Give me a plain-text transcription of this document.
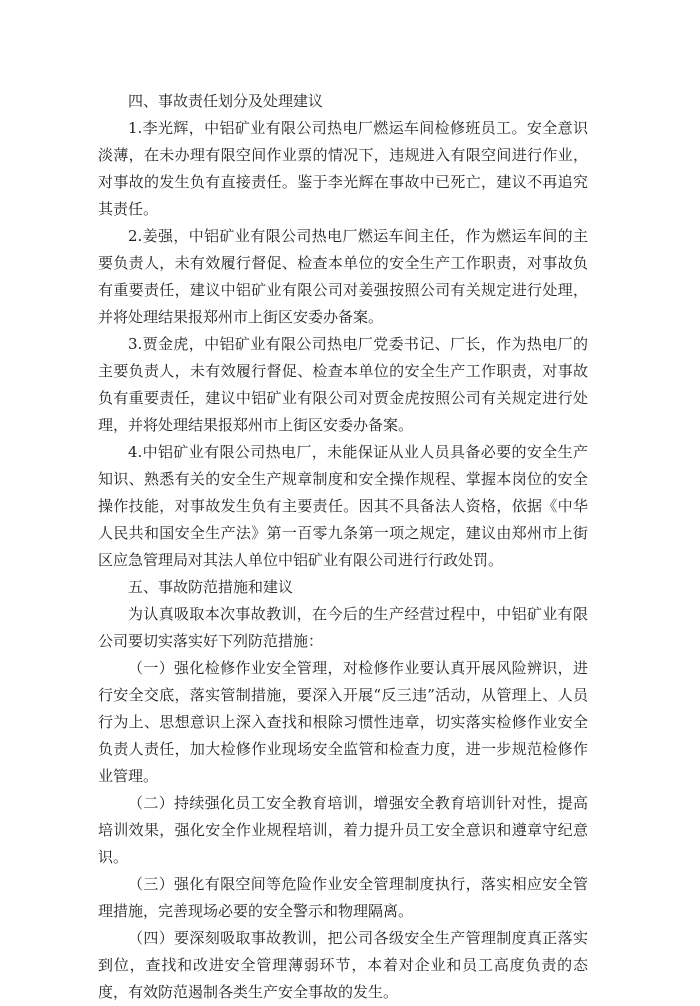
四、事故责任划分及处理建议

1.李光辉，中铝矿业有限公司热电厂燃运车间检修班员工。安全意识淡薄，在未办理有限空间作业票的情况下，违规进入有限空间进行作业，对事故的发生负有直接责任。鉴于李光辉在事故中已死亡，建议不再追究其责任。

2.姜强，中铝矿业有限公司热电厂燃运车间主任，作为燃运车间的主要负责人，未有效履行督促、检查本单位的安全生产工作职责，对事故负有重要责任，建议中铝矿业有限公司对姜强按照公司有关规定进行处理，并将处理结果报郑州市上街区安委办备案。

3.贾金虎，中铝矿业有限公司热电厂党委书记、厂长，作为热电厂的主要负责人，未有效履行督促、检查本单位的安全生产工作职责，对事故负有重要责任，建议中铝矿业有限公司对贾金虎按照公司有关规定进行处理，并将处理结果报郑州市上街区安委办备案。

4.中铝矿业有限公司热电厂，未能保证从业人员具备必要的安全生产知识、熟悉有关的安全生产规章制度和安全操作规程、掌握本岗位的安全操作技能，对事故发生负有主要责任。因其不具备法人资格，依据《中华人民共和国安全生产法》第一百零九条第一项之规定，建议由郑州市上街区应急管理局对其法人单位中铝矿业有限公司进行行政处罚。

五、事故防范措施和建议

为认真吸取本次事故教训，在今后的生产经营过程中，中铝矿业有限公司要切实落实好下列防范措施：

（一）强化检修作业安全管理，对检修作业要认真开展风险辨识，进行安全交底，落实管制措施，要深入开展“反三违”活动，从管理上、人员行为上、思想意识上深入查找和根除习惯性违章，切实落实检修作业安全负责人责任，加大检修作业现场安全监管和检查力度，进一步规范检修作业管理。

（二）持续强化员工安全教育培训，增强安全教育培训针对性，提高培训效果，强化安全作业规程培训，着力提升员工安全意识和遵章守纪意识。

（三）强化有限空间等危险作业安全管理制度执行，落实相应安全管理措施，完善现场必要的安全警示和物理隔离。

（四）要深刻吸取事故教训，把公司各级安全生产管理制度真正落实到位，查找和改进安全管理薄弱环节，本着对企业和员工高度负责的态度，有效防范遏制各类生产安全事故的发生。
